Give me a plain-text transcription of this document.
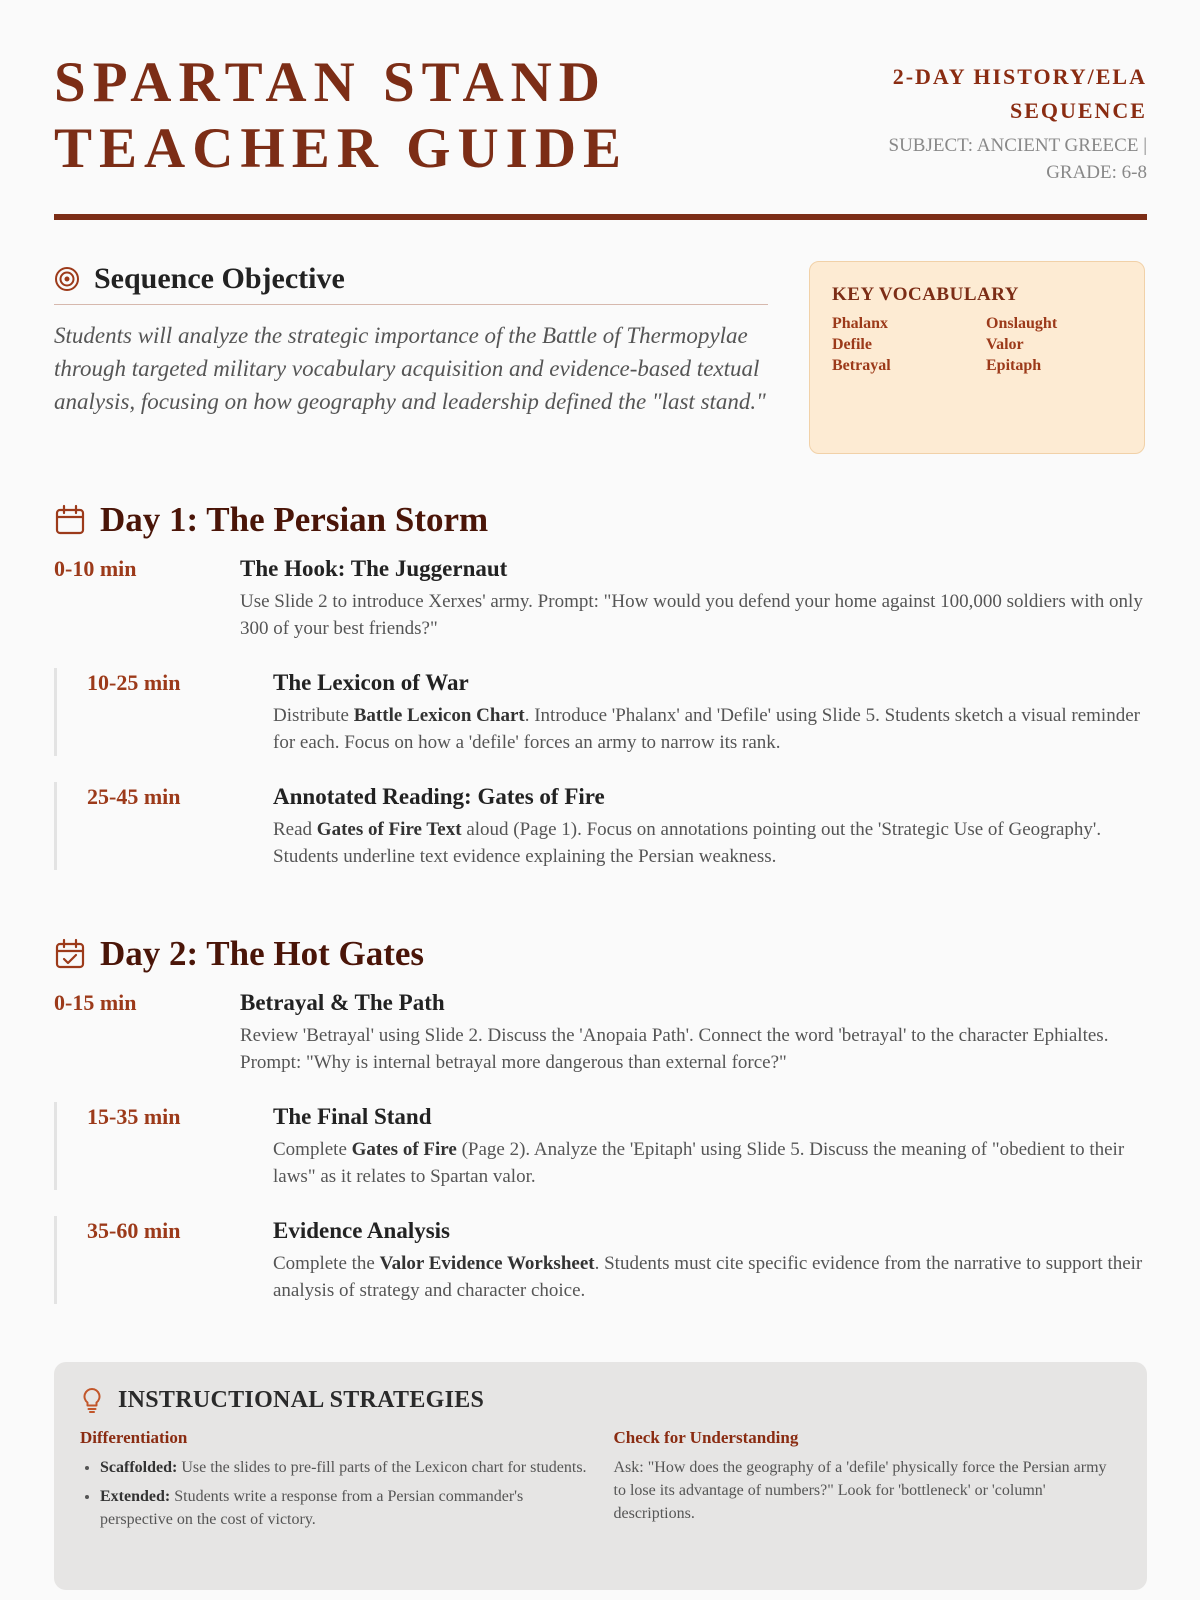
SPARTAN STAND
TEACHER GUIDE
2-DAY HISTORY/ELA
SEQUENCE
SUBJECT: ANCIENT GREECE |
GRADE: 6-8
Sequence Objective
Students will analyze the strategic importance of the Battle of Thermopylae through targeted military vocabulary acquisition and evidence-based textual analysis, focusing on how geography and leadership defined the "last stand."
KEY VOCABULARY
Phalanx	Onslaught
Defile	Valor
Betrayal	Epitaph
Day 1: The Persian Storm
0-10 min	The Hook: The Juggernaut

Use Slide 2 to introduce Xerxes' army. Prompt: "How would you defend your home against 100,000 soldiers with only 300 of your best friends?"

10-25 min	The Lexicon of War

Distribute Battle Lexicon Chart. Introduce 'Phalanx' and 'Defile' using Slide 5. Students sketch a visual reminder for each. Focus on how a 'defile' forces an army to narrow its rank.

25-45 min	Annotated Reading: Gates of Fire

Read Gates of Fire Text aloud (Page 1). Focus on annotations pointing out the 'Strategic Use of Geography'. Students underline text evidence explaining the Persian weakness.

Day 2: The Hot Gates
0-15 min	Betrayal & The Path

Review 'Betrayal' using Slide 2. Discuss the 'Anopaia Path'. Connect the word 'betrayal' to the character Ephialtes. Prompt: "Why is internal betrayal more dangerous than external force?"

15-35 min	The Final Stand

Complete Gates of Fire (Page 2). Analyze the 'Epitaph' using Slide 5. Discuss the meaning of "obedient to their laws" as it relates to Spartan valor.

35-60 min	Evidence Analysis

Complete the Valor Evidence Worksheet. Students must cite specific evidence from the narrative to support their analysis of strategy and character choice.

INSTRUCTIONAL STRATEGIES
Differentiation
• Scaffolded: Use the slides to pre-fill parts of the Lexicon chart for students.
• Extended: Students write a response from a Persian commander's perspective on the cost of victory.
Check for Understanding

Ask: "How does the geography of a 'defile' physically force the Persian army to lose its advantage of numbers?" Look for 'bottleneck' or 'column' descriptions.
